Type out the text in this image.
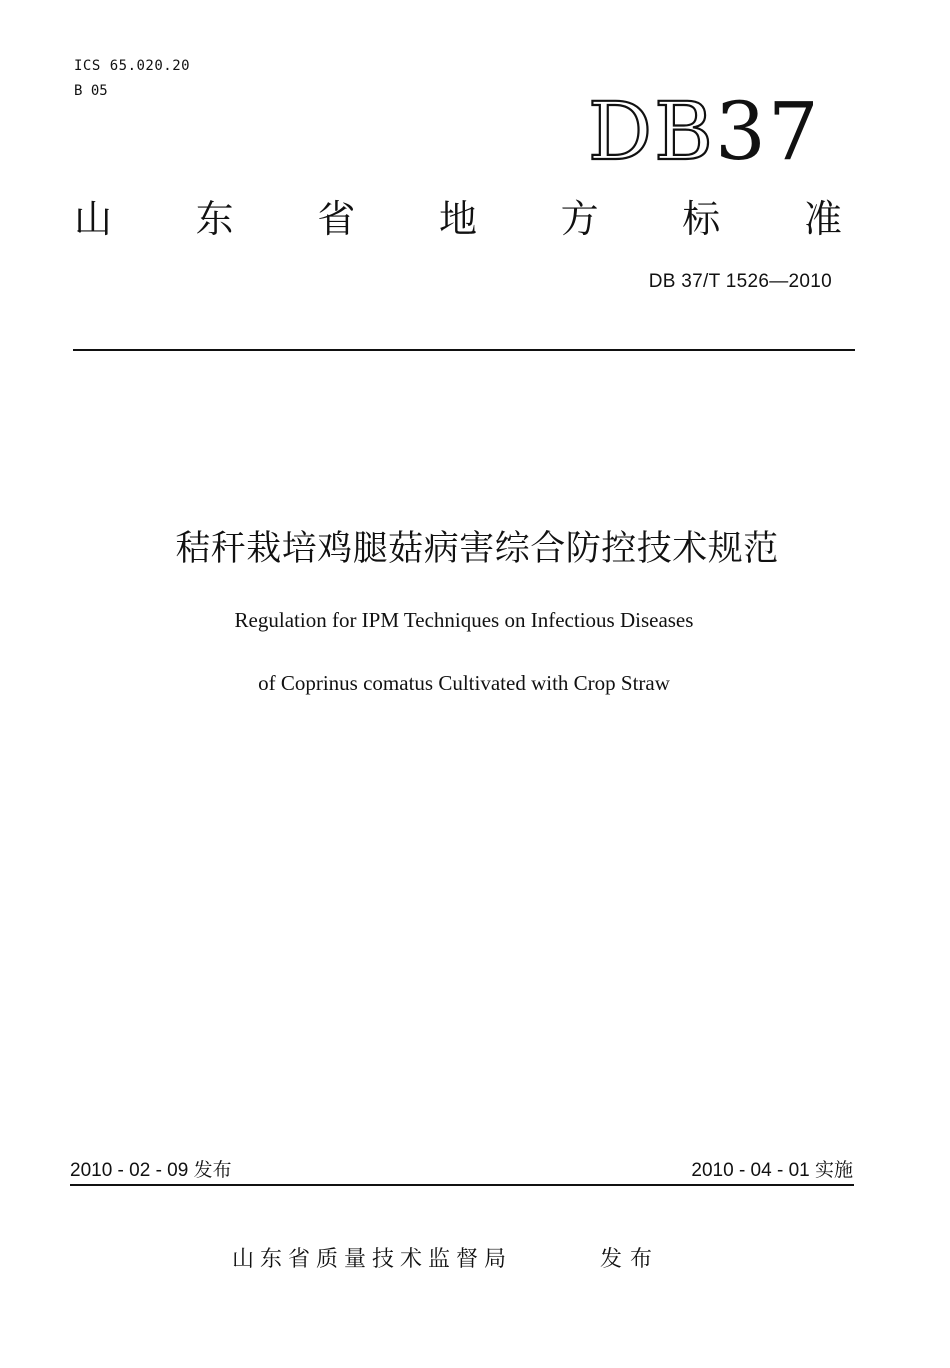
ICS 65.020.20
B 05	DB37
山 东 省 地 方 标 准
DB 37/T 1526—2010
秸秆栽培鸡腿菇病害综合防控技术规范
Regulation for IPM Techniques on Infectious Diseases
of Coprinus comatus Cultivated with Crop Straw
2010 - 02 - 09 发布	2010 - 04 - 01 实施
山东省质量技术监督局	发布
